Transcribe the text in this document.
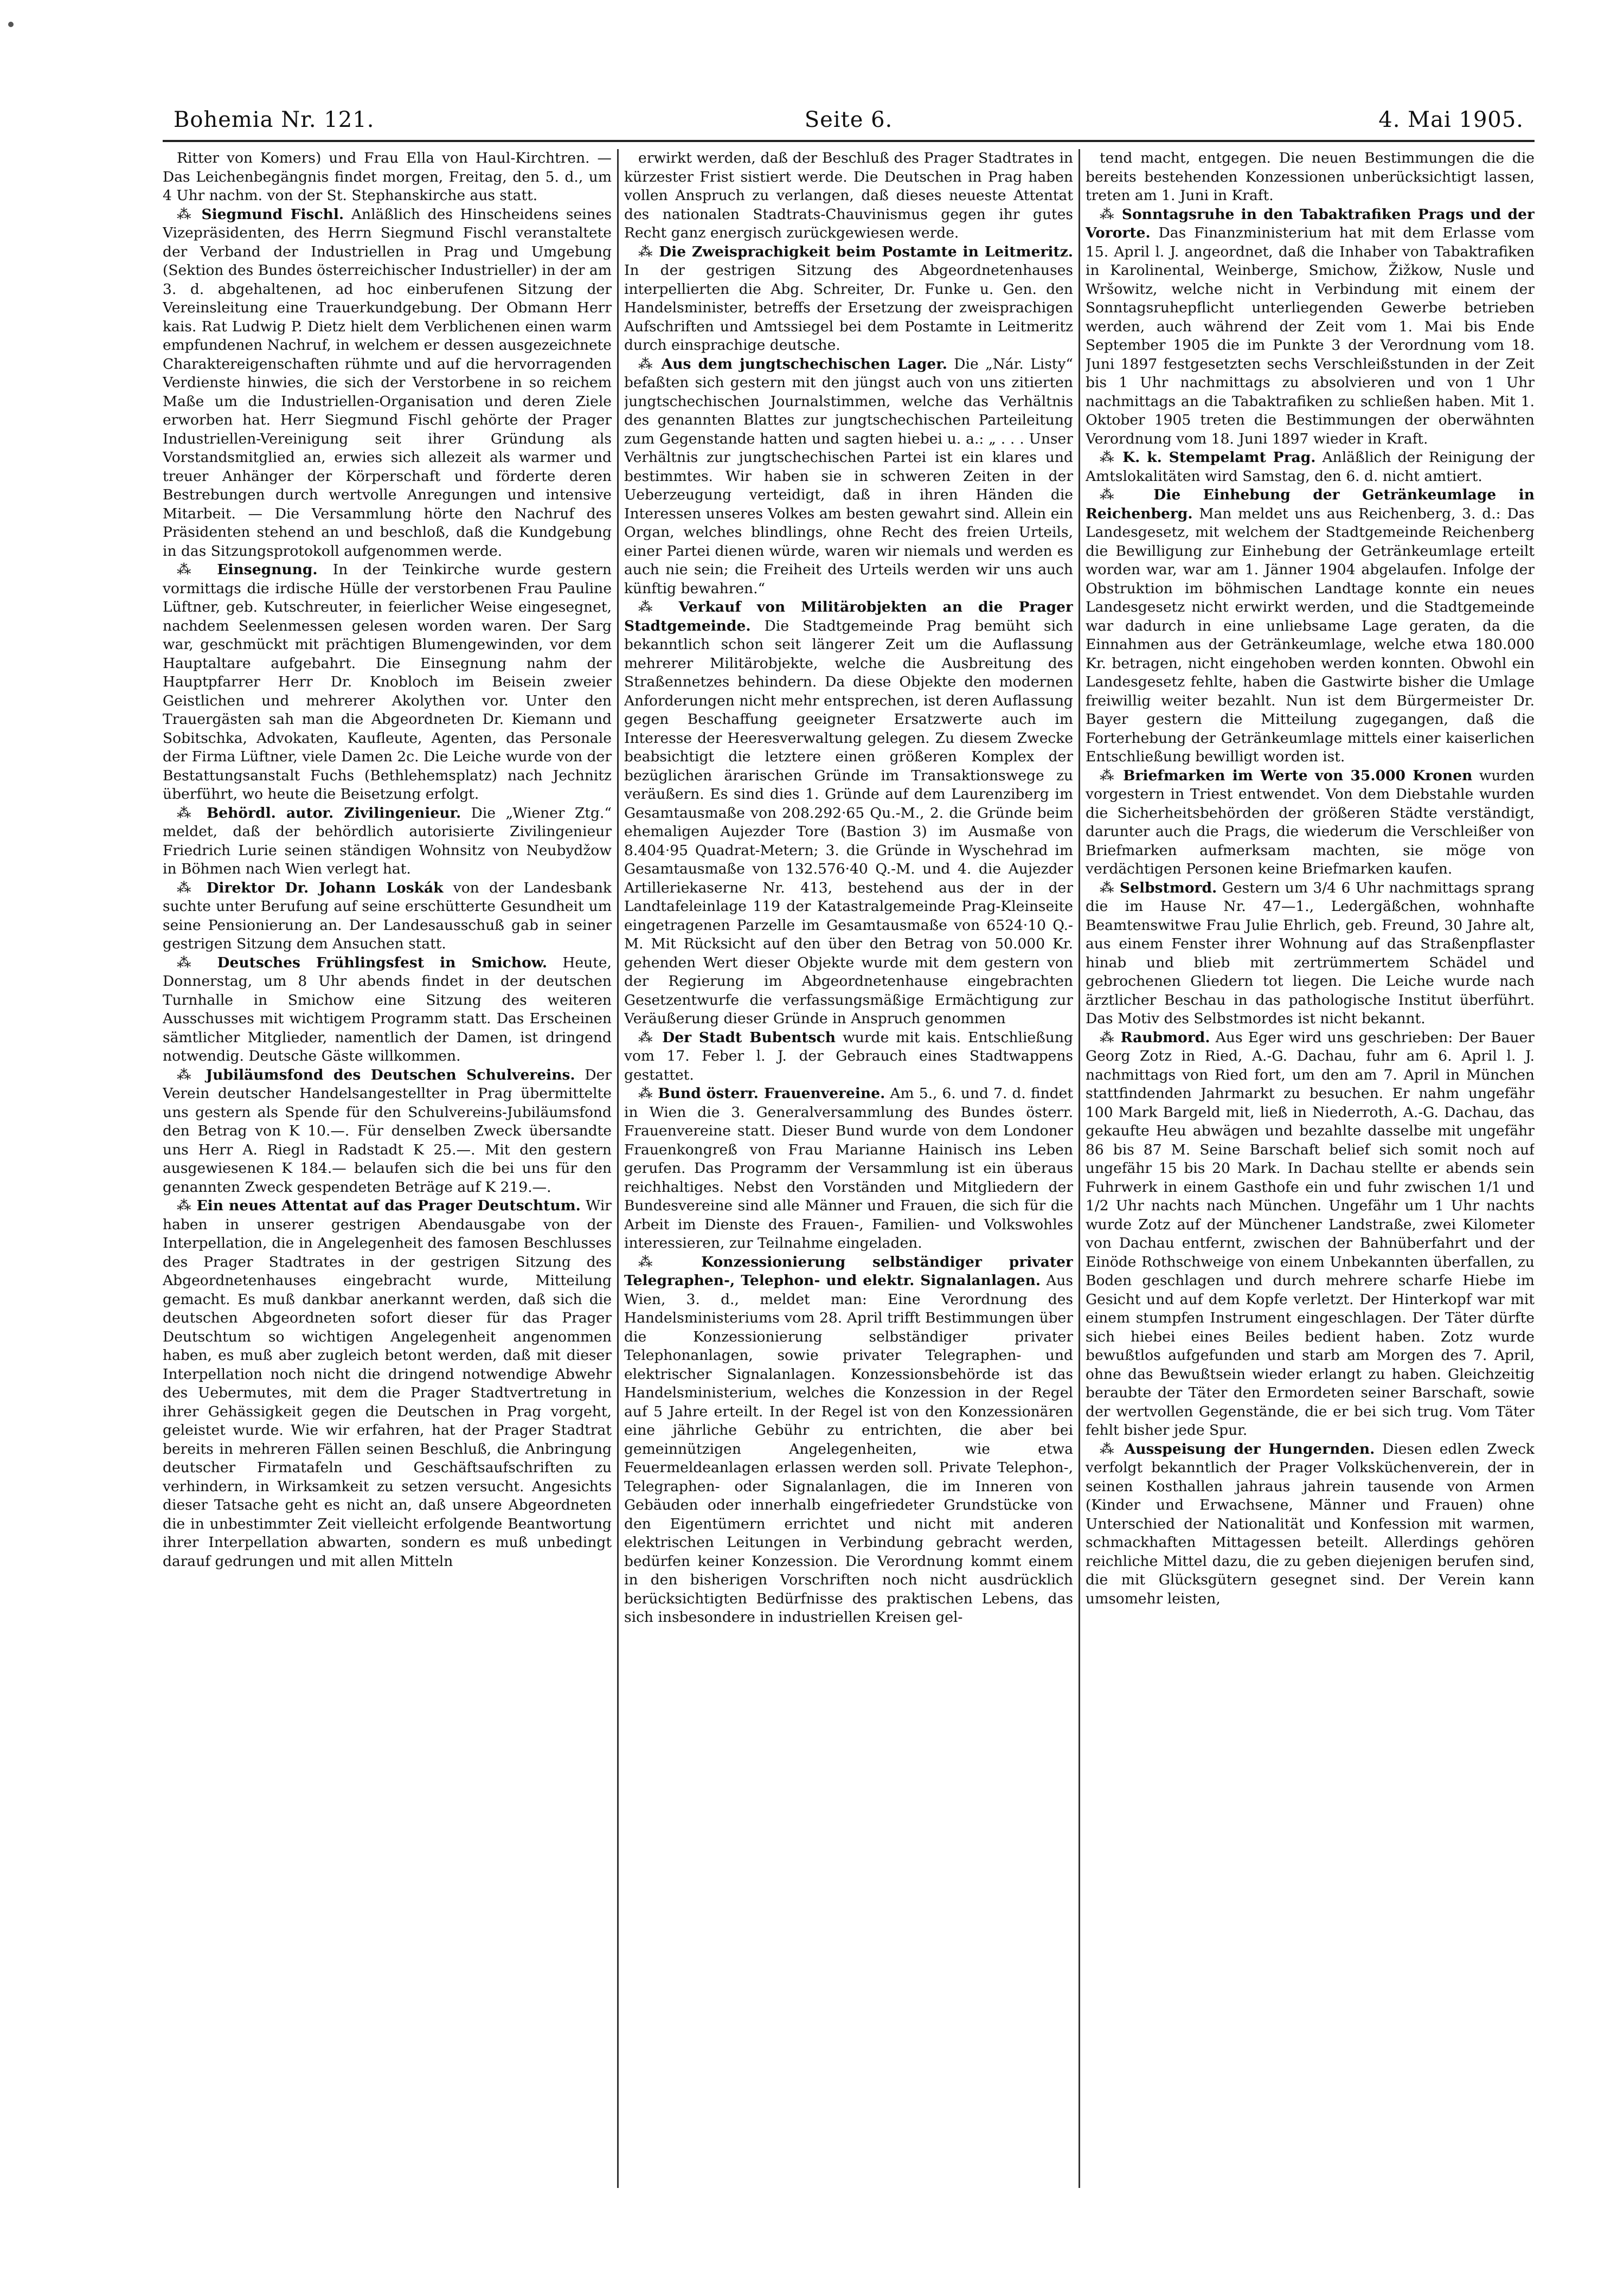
Bohemia Nr. 121.	Seite 6.	4. Mai 1905.

Ritter von Komers) und Frau Ella von Haul-Kirchtren. — Das Leichenbegängnis findet morgen, Freitag, den 5. d., um 4 Uhr nachm. von der St. Stephanskirche aus statt.

⁂ Siegmund Fischl. Anläßlich des Hinscheidens seines Vizepräsidenten, des Herrn Siegmund Fischl veranstaltete der Verband der Industriellen in Prag und Umgebung (Sektion des Bundes österreichischer Industrieller) in der am 3. d. abgehaltenen, ad hoc einberufenen Sitzung der Vereinsleitung eine Trauerkundgebung. Der Obmann Herr kais. Rat Ludwig P. Dietz hielt dem Verblichenen einen warm empfundenen Nachruf, in welchem er dessen ausgezeichnete Charaktereigenschaften rühmte und auf die hervorragenden Verdienste hinwies, die sich der Verstorbene in so reichem Maße um die Industriellen-Organisation und deren Ziele erworben hat. Herr Siegmund Fischl gehörte der Prager Industriellen-Vereinigung seit ihrer Gründung als Vorstandsmitglied an, erwies sich allezeit als warmer und treuer Anhänger der Körperschaft und förderte deren Bestrebungen durch wertvolle Anregungen und intensive Mitarbeit. — Die Versammlung hörte den Nachruf des Präsidenten stehend an und beschloß, daß die Kundgebung in das Sitzungsprotokoll aufgenommen werde.

⁂ Einsegnung. In der Teinkirche wurde gestern vormittags die irdische Hülle der verstorbenen Frau Pauline Lüftner, geb. Kutschreuter, in feierlicher Weise eingesegnet, nachdem Seelenmessen gelesen worden waren. Der Sarg war, geschmückt mit prächtigen Blumengewinden, vor dem Hauptaltare aufgebahrt. Die Einsegnung nahm der Hauptpfarrer Herr Dr. Knobloch im Beisein zweier Geistlichen und mehrerer Akolythen vor. Unter den Trauergästen sah man die Abgeordneten Dr. Kiemann und Sobitschka, Advokaten, Kaufleute, Agenten, das Personale der Firma Lüftner, viele Damen 2c. Die Leiche wurde von der Bestattungsanstalt Fuchs (Bethlehemsplatz) nach Jechnitz überführt, wo heute die Beisetzung erfolgt.

⁂ Behördl. autor. Zivilingenieur. Die „Wiener Ztg.“ meldet, daß der behördlich autorisierte Zivilingenieur Friedrich Lurie seinen ständigen Wohnsitz von Neubydžow in Böhmen nach Wien verlegt hat.

⁂ Direktor Dr. Johann Loskák von der Landesbank suchte unter Berufung auf seine erschütterte Gesundheit um seine Pensionierung an. Der Landesausschuß gab in seiner gestrigen Sitzung dem Ansuchen statt.

⁂ Deutsches Frühlingsfest in Smichow. Heute, Donnerstag, um 8 Uhr abends findet in der deutschen Turnhalle in Smichow eine Sitzung des weiteren Ausschusses mit wichtigem Programm statt. Das Erscheinen sämtlicher Mitglieder, namentlich der Damen, ist dringend notwendig. Deutsche Gäste willkommen.

⁂ Jubiläumsfond des Deutschen Schulvereins. Der Verein deutscher Handelsangestellter in Prag übermittelte uns gestern als Spende für den Schulvereins-Jubiläumsfond den Betrag von K 10.—. Für denselben Zweck übersandte uns Herr A. Riegl in Radstadt K 25.—. Mit den gestern ausgewiesenen K 184.— belaufen sich die bei uns für den genannten Zweck gespendeten Beträge auf K 219.—.

⁂ Ein neues Attentat auf das Prager Deutschtum. Wir haben in unserer gestrigen Abendausgabe von der Interpellation, die in Angelegenheit des famosen Beschlusses des Prager Stadtrates in der gestrigen Sitzung des Abgeordnetenhauses eingebracht wurde, Mitteilung gemacht. Es muß dankbar anerkannt werden, daß sich die deutschen Abgeordneten sofort dieser für das Prager Deutschtum so wichtigen Angelegenheit angenommen haben, es muß aber zugleich betont werden, daß mit dieser Interpellation noch nicht die dringend notwendige Abwehr des Uebermutes, mit dem die Prager Stadtvertretung in ihrer Gehässigkeit gegen die Deutschen in Prag vorgeht, geleistet wurde. Wie wir erfahren, hat der Prager Stadtrat bereits in mehreren Fällen seinen Beschluß, die Anbringung deutscher Firmatafeln und Geschäftsaufschriften zu verhindern, in Wirksamkeit zu setzen versucht. Angesichts dieser Tatsache geht es nicht an, daß unsere Abgeordneten die in unbestimmter Zeit vielleicht erfolgende Beantwortung ihrer Interpellation abwarten, sondern es muß unbedingt darauf gedrungen und mit allen Mitteln

erwirkt werden, daß der Beschluß des Prager Stadtrates in kürzester Frist sistiert werde. Die Deutschen in Prag haben vollen Anspruch zu verlangen, daß dieses neueste Attentat des nationalen Stadtrats-Chauvinismus gegen ihr gutes Recht ganz energisch zurückgewiesen werde.

⁂ Die Zweisprachigkeit beim Postamte in Leitmeritz. In der gestrigen Sitzung des Abgeordnetenhauses interpellierten die Abg. Schreiter, Dr. Funke u. Gen. den Handelsminister, betreffs der Ersetzung der zweisprachigen Aufschriften und Amtssiegel bei dem Postamte in Leitmeritz durch einsprachige deutsche.

⁂ Aus dem jungtschechischen Lager. Die „Nár. Listy“ befaßten sich gestern mit den jüngst auch von uns zitierten jungtschechischen Journalstimmen, welche das Verhältnis des genannten Blattes zur jungtschechischen Parteileitung zum Gegenstande hatten und sagten hiebei u. a.: „ . . . Unser Verhältnis zur jungtschechischen Partei ist ein klares und bestimmtes. Wir haben sie in schweren Zeiten in der Ueberzeugung verteidigt, daß in ihren Händen die Interessen unseres Volkes am besten gewahrt sind. Allein ein Organ, welches blindlings, ohne Recht des freien Urteils, einer Partei dienen würde, waren wir niemals und werden es auch nie sein; die Freiheit des Urteils werden wir uns auch künftig bewahren.“

⁂ Verkauf von Militärobjekten an die Prager Stadtgemeinde. Die Stadtgemeinde Prag bemüht sich bekanntlich schon seit längerer Zeit um die Auflassung mehrerer Militärobjekte, welche die Ausbreitung des Straßennetzes behindern. Da diese Objekte den modernen Anforderungen nicht mehr entsprechen, ist deren Auflassung gegen Beschaffung geeigneter Ersatzwerte auch im Interesse der Heeresverwaltung gelegen. Zu diesem Zwecke beabsichtigt die letztere einen größeren Komplex der bezüglichen ärarischen Gründe im Transaktionswege zu veräußern. Es sind dies 1. Gründe auf dem Laurenziberg im Gesamtausmaße von 208.292·65 Qu.-M., 2. die Gründe beim ehemaligen Aujezder Tore (Bastion 3) im Ausmaße von 8.404·95 Quadrat-Metern; 3. die Gründe in Wyschehrad im Gesamtausmaße von 132.576·40 Q.-M. und 4. die Aujezder Artilleriekaserne Nr. 413, bestehend aus der in der Landtafeleinlage 119 der Katastralgemeinde Prag-Kleinseite eingetragenen Parzelle im Gesamtausmaße von 6524·10 Q.-M. Mit Rücksicht auf den über den Betrag von 50.000 Kr. gehenden Wert dieser Objekte wurde mit dem gestern von der Regierung im Abgeordnetenhause eingebrachten Gesetzentwurfe die verfassungsmäßige Ermächtigung zur Veräußerung dieser Gründe in Anspruch genommen

⁂ Der Stadt Bubentsch wurde mit kais. Entschließung vom 17. Feber l. J. der Gebrauch eines Stadtwappens gestattet.

⁂ Bund österr. Frauenvereine. Am 5., 6. und 7. d. findet in Wien die 3. Generalversammlung des Bundes österr. Frauenvereine statt. Dieser Bund wurde von dem Londoner Frauenkongreß von Frau Marianne Hainisch ins Leben gerufen. Das Programm der Versammlung ist ein überaus reichhaltiges. Nebst den Vorständen und Mitgliedern der Bundesvereine sind alle Männer und Frauen, die sich für die Arbeit im Dienste des Frauen-, Familien- und Volkswohles interessieren, zur Teilnahme eingeladen.

⁂ Konzessionierung selbständiger privater Telegraphen-, Telephon- und elektr. Signalanlagen. Aus Wien, 3. d., meldet man: Eine Verordnung des Handelsministeriums vom 28. April trifft Bestimmungen über die Konzessionierung selbständiger privater Telephonanlagen, sowie privater Telegraphen- und elektrischer Signalanlagen. Konzessionsbehörde ist das Handelsministerium, welches die Konzession in der Regel auf 5 Jahre erteilt. In der Regel ist von den Konzessionären eine jährliche Gebühr zu entrichten, die aber bei gemeinnützigen Angelegenheiten, wie etwa Feuermeldeanlagen erlassen werden soll. Private Telephon-, Telegraphen- oder Signalanlagen, die im Inneren von Gebäuden oder innerhalb eingefriedeter Grundstücke von den Eigentümern errichtet und nicht mit anderen elektrischen Leitungen in Verbindung gebracht werden, bedürfen keiner Konzession. Die Verordnung kommt einem in den bisherigen Vorschriften noch nicht ausdrücklich berücksichtigten Bedürfnisse des praktischen Lebens, das sich insbesondere in industriellen Kreisen gel-

tend macht, entgegen. Die neuen Bestimmungen die die bereits bestehenden Konzessionen unberücksichtigt lassen, treten am 1. Juni in Kraft.

⁂ Sonntagsruhe in den Tabaktrafiken Prags und der Vororte. Das Finanzministerium hat mit dem Erlasse vom 15. April l. J. angeordnet, daß die Inhaber von Tabaktrafiken in Karolinental, Weinberge, Smichow, Žižkow, Nusle und Wršowitz, welche nicht in Verbindung mit einem der Sonntagsruhepflicht unterliegenden Gewerbe betrieben werden, auch während der Zeit vom 1. Mai bis Ende September 1905 die im Punkte 3 der Verordnung vom 18. Juni 1897 festgesetzten sechs Verschleißstunden in der Zeit bis 1 Uhr nachmittags zu absolvieren und von 1 Uhr nachmittags an die Tabaktrafiken zu schließen haben. Mit 1. Oktober 1905 treten die Bestimmungen der oberwähnten Verordnung vom 18. Juni 1897 wieder in Kraft.

⁂ K. k. Stempelamt Prag. Anläßlich der Reinigung der Amtslokalitäten wird Samstag, den 6. d. nicht amtiert.

⁂ Die Einhebung der Getränkeumlage in Reichenberg. Man meldet uns aus Reichenberg, 3. d.: Das Landesgesetz, mit welchem der Stadtgemeinde Reichenberg die Bewilligung zur Einhebung der Getränkeumlage erteilt worden war, war am 1. Jänner 1904 abgelaufen. Infolge der Obstruktion im böhmischen Landtage konnte ein neues Landesgesetz nicht erwirkt werden, und die Stadtgemeinde war dadurch in eine unliebsame Lage geraten, da die Einnahmen aus der Getränkeumlage, welche etwa 180.000 Kr. betragen, nicht eingehoben werden konnten. Obwohl ein Landesgesetz fehlte, haben die Gastwirte bisher die Umlage freiwillig weiter bezahlt. Nun ist dem Bürgermeister Dr. Bayer gestern die Mitteilung zugegangen, daß die Forterhebung der Getränkeumlage mittels einer kaiserlichen Entschließung bewilligt worden ist.

⁂ Briefmarken im Werte von 35.000 Kronen wurden vorgestern in Triest entwendet. Von dem Diebstahle wurden die Sicherheitsbehörden der größeren Städte verständigt, darunter auch die Prags, die wiederum die Verschleißer von Briefmarken aufmerksam machten, sie möge von verdächtigen Personen keine Briefmarken kaufen.

⁂ Selbstmord. Gestern um 3/4 6 Uhr nachmittags sprang die im Hause Nr. 47—1., Ledergäßchen, wohnhafte Beamtenswitwe Frau Julie Ehrlich, geb. Freund, 30 Jahre alt, aus einem Fenster ihrer Wohnung auf das Straßenpflaster hinab und blieb mit zertrümmertem Schädel und gebrochenen Gliedern tot liegen. Die Leiche wurde nach ärztlicher Beschau in das pathologische Institut überführt. Das Motiv des Selbstmordes ist nicht bekannt.

⁂ Raubmord. Aus Eger wird uns geschrieben: Der Bauer Georg Zotz in Ried, A.-G. Dachau, fuhr am 6. April l. J. nachmittags von Ried fort, um den am 7. April in München stattfindenden Jahrmarkt zu besuchen. Er nahm ungefähr 100 Mark Bargeld mit, ließ in Niederroth, A.-G. Dachau, das gekaufte Heu abwägen und bezahlte dasselbe mit ungefähr 86 bis 87 M. Seine Barschaft belief sich somit noch auf ungefähr 15 bis 20 Mark. In Dachau stellte er abends sein Fuhrwerk in einem Gasthofe ein und fuhr zwischen 1/1 und 1/2 Uhr nachts nach München. Ungefähr um 1 Uhr nachts wurde Zotz auf der Münchener Landstraße, zwei Kilometer von Dachau entfernt, zwischen der Bahnüberfahrt und der Einöde Rothschweige von einem Unbekannten überfallen, zu Boden geschlagen und durch mehrere scharfe Hiebe im Gesicht und auf dem Kopfe verletzt. Der Hinterkopf war mit einem stumpfen Instrument eingeschlagen. Der Täter dürfte sich hiebei eines Beiles bedient haben. Zotz wurde bewußtlos aufgefunden und starb am Morgen des 7. April, ohne das Bewußtsein wieder erlangt zu haben. Gleichzeitig beraubte der Täter den Ermordeten seiner Barschaft, sowie der wertvollen Gegenstände, die er bei sich trug. Vom Täter fehlt bisher jede Spur.

⁂ Ausspeisung der Hungernden. Diesen edlen Zweck verfolgt bekanntlich der Prager Volksküchenverein, der in seinen Kosthallen jahraus jahrein tausende von Armen (Kinder und Erwachsene, Männer und Frauen) ohne Unterschied der Nationalität und Konfession mit warmen, schmackhaften Mittagessen beteilt. Allerdings gehören reichliche Mittel dazu, die zu geben diejenigen berufen sind, die mit Glücksgütern gesegnet sind. Der Verein kann umsomehr leisten,
